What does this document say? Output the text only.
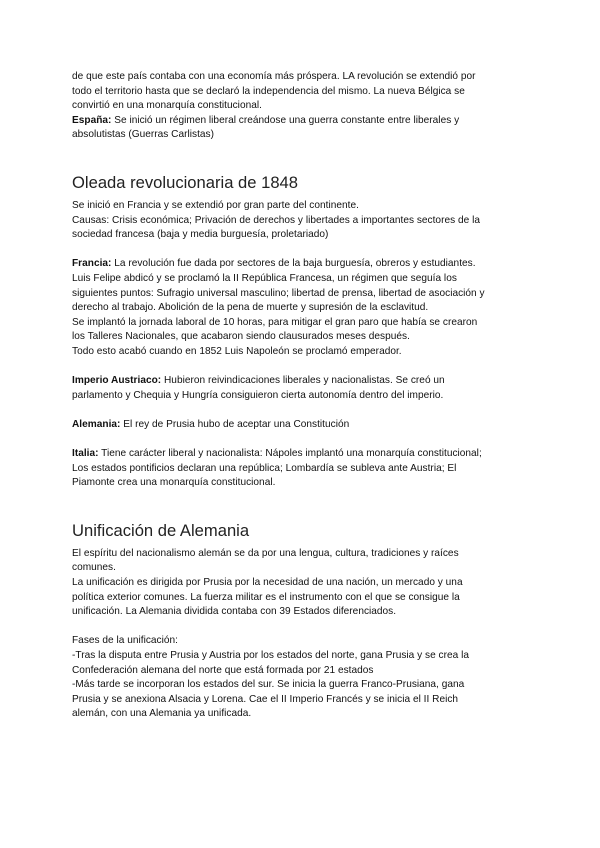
de que este país contaba con una economía más próspera. LA revolución se extendió por

todo el territorio hasta que se declaró la independencia del mismo. La nueva Bélgica se

convirtió en una monarquía constitucional.

España: Se inició un régimen liberal creándose una guerra constante entre liberales y

absolutistas (Guerras Carlistas)

Oleada revolucionaria de 1848

Se inició en Francia y se extendió por gran parte del continente.

Causas: Crisis económica; Privación de derechos y libertades a importantes sectores de la

sociedad francesa (baja y media burguesía, proletariado)

Francia: La revolución fue dada por sectores de la baja burguesía, obreros y estudiantes.

Luis Felipe abdicó y se proclamó la II República Francesa, un régimen que seguía los

siguientes puntos: Sufragio universal masculino; libertad de prensa, libertad de asociación y

derecho al trabajo. Abolición de la pena de muerte y supresión de la esclavitud.

Se implantó la jornada laboral de 10 horas, para mitigar el gran paro que había se crearon

los Talleres Nacionales, que acabaron siendo clausurados meses después.

Todo esto acabó cuando en 1852 Luis Napoleón se proclamó emperador.

Imperio Austriaco: Hubieron reivindicaciones liberales y nacionalistas. Se creó un

parlamento y Chequia y Hungría consiguieron cierta autonomía dentro del imperio.

Alemania: El rey de Prusia hubo de aceptar una Constitución

Italia: Tiene carácter liberal y nacionalista: Nápoles implantó una monarquía constitucional;

Los estados pontificios declaran una república; Lombardía se subleva ante Austria; El

Piamonte crea una monarquía constitucional.

Unificación de Alemania

El espíritu del nacionalismo alemán se da por una lengua, cultura, tradiciones y raíces

comunes.

La unificación es dirigida por Prusia por la necesidad de una nación, un mercado y una

política exterior comunes. La fuerza militar es el instrumento con el que se consigue la

unificación. La Alemania dividida contaba con 39 Estados diferenciados.

Fases de la unificación:

-Tras la disputa entre Prusia y Austria por los estados del norte, gana Prusia y se crea la

Confederación alemana del norte que está formada por 21 estados

-Más tarde se incorporan los estados del sur. Se inicia la guerra Franco-Prusiana, gana

Prusia y se anexiona Alsacia y Lorena. Cae el II Imperio Francés y se inicia el II Reich

alemán, con una Alemania ya unificada.
